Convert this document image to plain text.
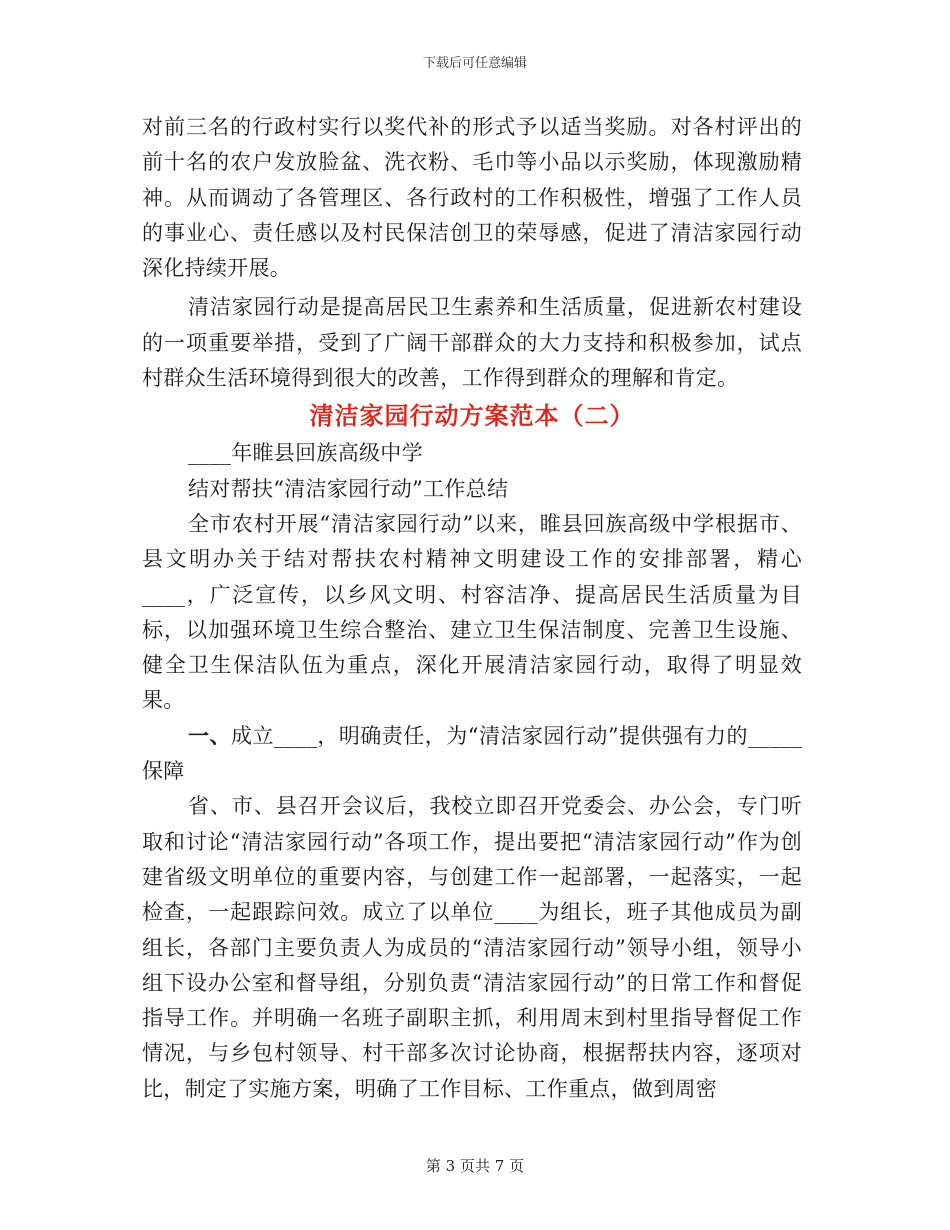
下载后可任意编辑

对前三名的行政村实行以奖代补的形式予以适当奖励。对各村评出的前十名的农户发放脸盆、洗衣粉、毛巾等小品以示奖励，体现激励精神。从而调动了各管理区、各行政村的工作积极性，增强了工作人员的事业心、责任感以及村民保洁创卫的荣辱感，促进了清洁家园行动深化持续开展。

清洁家园行动是提高居民卫生素养和生活质量，促进新农村建设的一项重要举措，受到了广阔干部群众的大力支持和积极参加，试点村群众生活环境得到很大的改善，工作得到群众的理解和肯定。

清洁家园行动方案范本（二）

____年睢县回族高级中学

结对帮扶“清洁家园行动”工作总结

全市农村开展“清洁家园行动”以来，睢县回族高级中学根据市、县文明办关于结对帮扶农村精神文明建设工作的安排部署，精心____，广泛宣传，以乡风文明、村容洁净、提高居民生活质量为目标，以加强环境卫生综合整治、建立卫生保洁制度、完善卫生设施、健全卫生保洁队伍为重点，深化开展清洁家园行动，取得了明显效果。

一、成立____，明确责任，为“清洁家园行动”提供强有力的_____保障

省、市、县召开会议后，我校立即召开党委会、办公会，专门听取和讨论“清洁家园行动”各项工作，提出要把“清洁家园行动”作为创建省级文明单位的重要内容，与创建工作一起部署，一起落实，一起检查，一起跟踪问效。成立了以单位____为组长，班子其他成员为副组长，各部门主要负责人为成员的“清洁家园行动”领导小组，领导小组下设办公室和督导组，分别负责“清洁家园行动”的日常工作和督促指导工作。并明确一名班子副职主抓，利用周末到村里指导督促工作情况，与乡包村领导、村干部多次讨论协商，根据帮扶内容，逐项对比，制定了实施方案，明确了工作目标、工作重点，做到周密

第 3 页共 7 页
